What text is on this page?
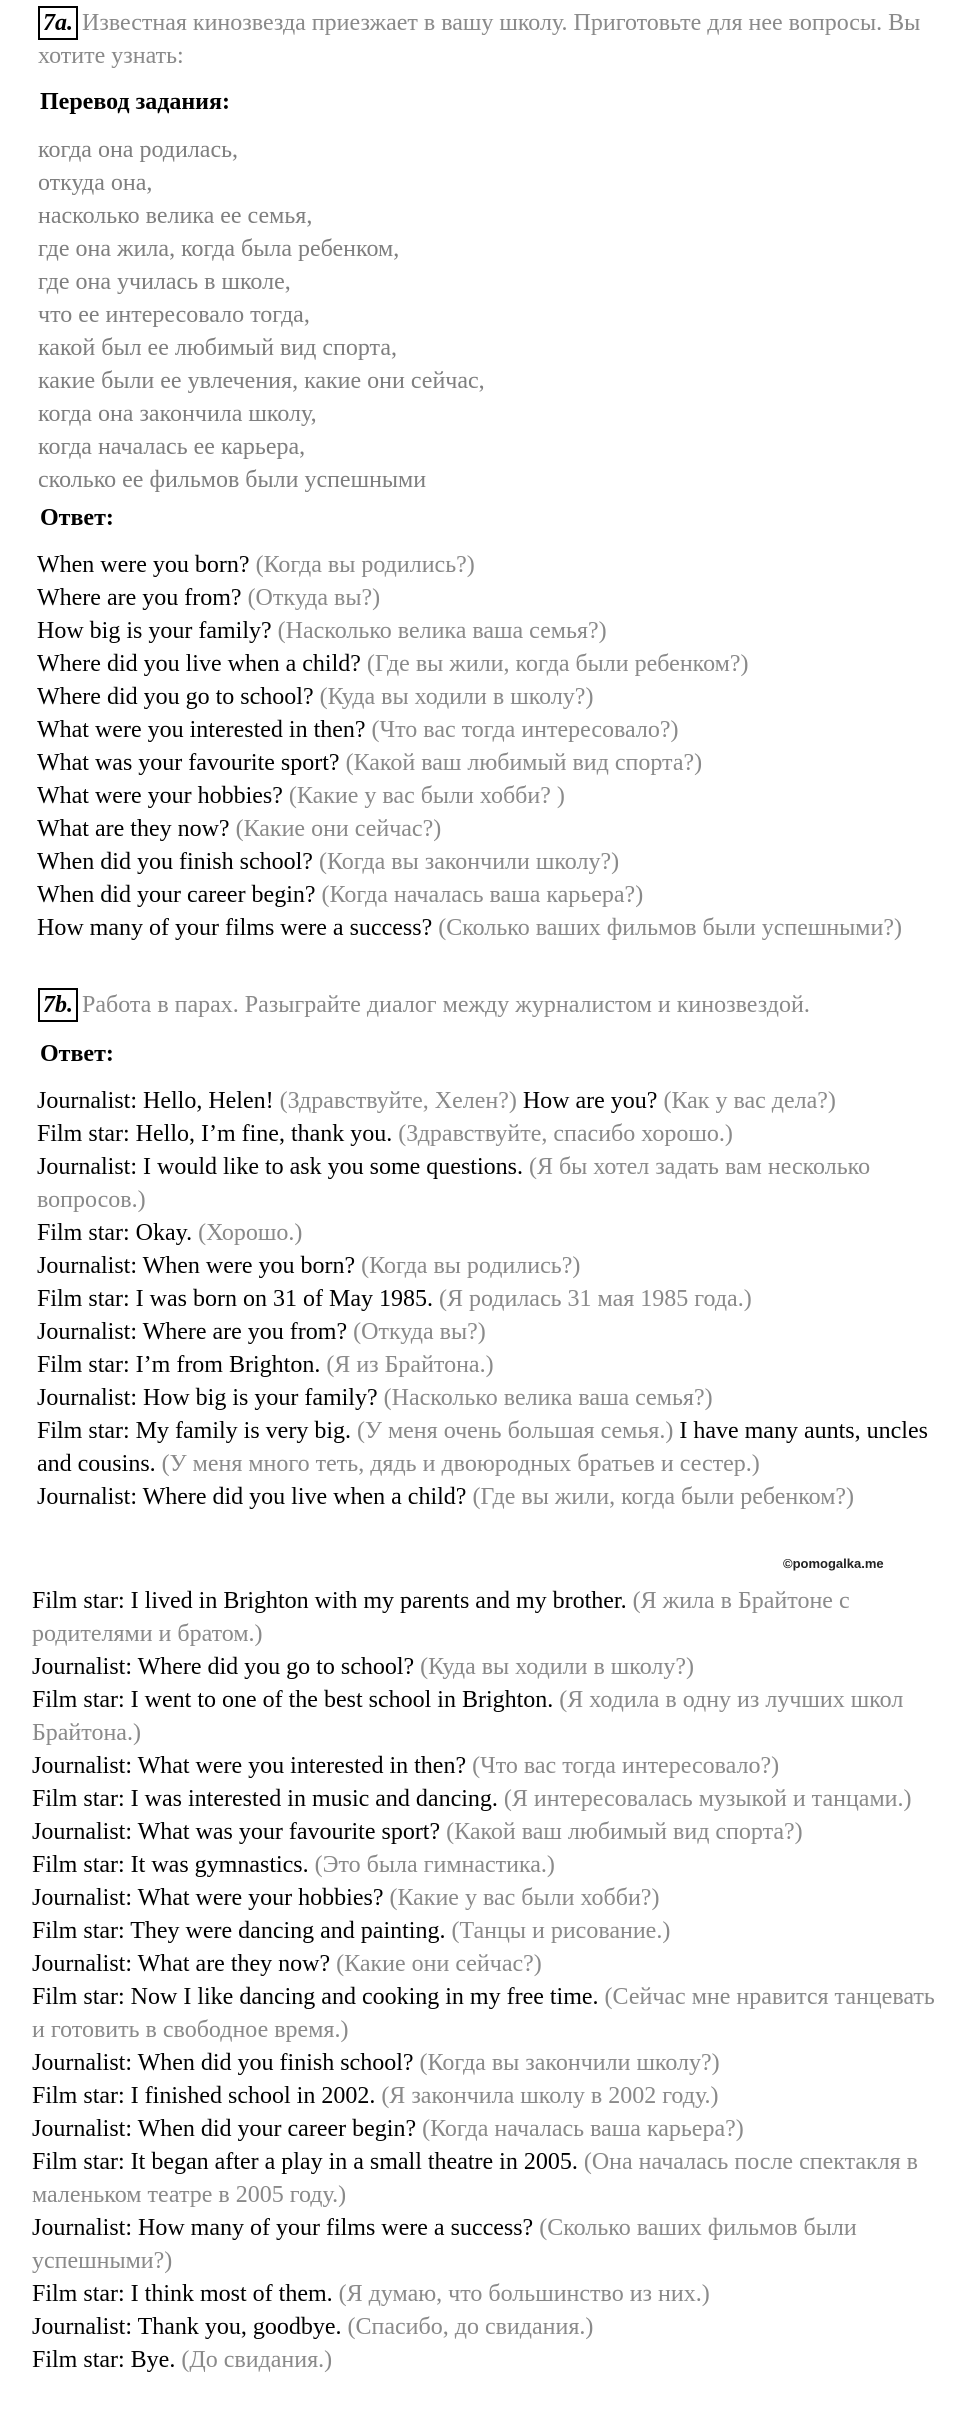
7a. Известная кинозвезда приезжает в вашу школу. Приготовьте для нее вопросы. Вы хотите узнать:
Перевод задания:
когда она родилась,
откуда она,
насколько велика ее семья,
где она жила, когда была ребенком,
где она училась в школе,
что ее интересовало тогда,
какой был ее любимый вид спорта,
какие были ее увлечения, какие они сейчас,
когда она закончила школу,
когда началась ее карьера,
сколько ее фильмов были успешными
Ответ:
When were you born? (Когда вы родились?)
Where are you from? (Откуда вы?)
How big is your family? (Насколько велика ваша семья?)
Where did you live when a child? (Где вы жили, когда были ребенком?)
Where did you go to school? (Куда вы ходили в школу?)
What were you interested in then? (Что вас тогда интересовало?)
What was your favourite sport? (Какой ваш любимый вид спорта?)
What were your hobbies? (Какие у вас были хобби? )
What are they now? (Какие они сейчас?)
When did you finish school? (Когда вы закончили школу?)
When did your career begin? (Когда началась ваша карьера?)
How many of your films were a success? (Сколько ваших фильмов были успешными?)
7b. Работа в парах. Разыграйте диалог между журналистом и кинозвездой.
Ответ:
Journalist: Hello, Helen! (Здравствуйте, Хелен?) How are you? (Как у вас дела?)
Film star: Hello, I’m fine, thank you. (Здравствуйте, спасибо хорошо.)
Journalist: I would like to ask you some questions. (Я бы хотел задать вам несколько вопросов.)
Film star: Okay. (Хорошо.)
Journalist: When were you born? (Когда вы родились?)
Film star: I was born on 31 of May 1985. (Я родилась 31 мая 1985 года.)
Journalist: Where are you from? (Откуда вы?)
Film star: I’m from Brighton. (Я из Брайтона.)
Journalist: How big is your family? (Насколько велика ваша семья?)
Film star: My family is very big. (У меня очень большая семья.) I have many aunts, uncles and cousins. (У меня много теть, дядь и двоюродных братьев и сестер.)
Journalist: Where did you live when a child? (Где вы жили, когда были ребенком?)
©pomogalka.me
Film star: I lived in Brighton with my parents and my brother. (Я жила в Брайтоне с родителями и братом.)
Journalist: Where did you go to school? (Куда вы ходили в школу?)
Film star: I went to one of the best school in Brighton. (Я ходила в одну из лучших школ Брайтона.)
Journalist: What were you interested in then? (Что вас тогда интересовало?)
Film star: I was interested in music and dancing. (Я интересовалась музыкой и танцами.)
Journalist: What was your favourite sport? (Какой ваш любимый вид спорта?)
Film star: It was gymnastics. (Это была гимнастика.)
Journalist: What were your hobbies? (Какие у вас были хобби?)
Film star: They were dancing and painting. (Танцы и рисование.)
Journalist: What are they now? (Какие они сейчас?)
Film star: Now I like dancing and cooking in my free time. (Сейчас мне нравится танцевать и готовить в свободное время.)
Journalist: When did you finish school? (Когда вы закончили школу?)
Film star: I finished school in 2002. (Я закончила школу в 2002 году.)
Journalist: When did your career begin? (Когда началась ваша карьера?)
Film star: It began after a play in a small theatre in 2005. (Она началась после спектакля в маленьком театре в 2005 году.)
Journalist: How many of your films were a success? (Сколько ваших фильмов были успешными?)
Film star: I think most of them. (Я думаю, что большинство из них.)
Journalist: Thank you, goodbye. (Спасибо, до свидания.)
Film star: Bye. (До свидания.)
